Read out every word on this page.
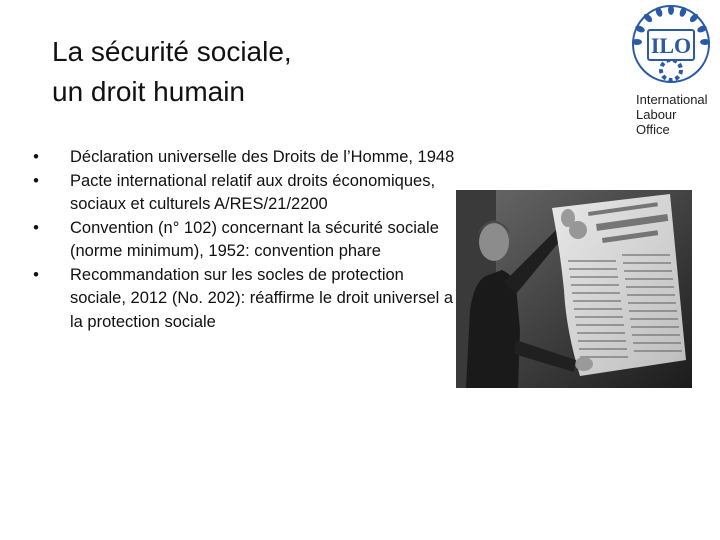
La sécurité sociale,
un droit humain
ILO
International
Labour
Office
•	Déclaration universelle des Droits de l’Homme, 1948
•	Pacte international relatif aux droits économiques, sociaux et culturels A/RES/21/2200
•	Convention (n° 102) concernant la sécurité sociale (norme minimum), 1952: convention phare
•	Recommandation sur les socles de protection sociale, 2012 (No. 202): réaffirme le droit universel a la protection sociale
